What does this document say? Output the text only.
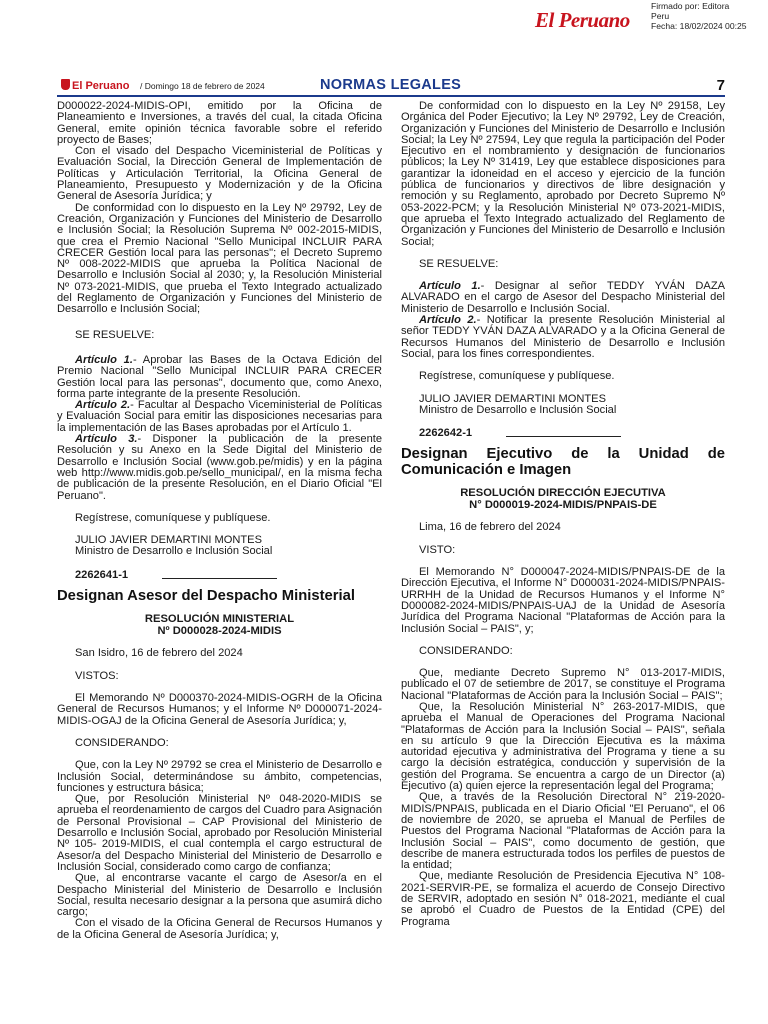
El Peruano
Firmado por: Editora
Peru
Fecha: 18/02/2024 00:25
El Peruano / Domingo 18 de febrero de 2024	NORMAS LEGALES	7

D000022-2024-MIDIS-OPI, emitido por la Oficina de Planeamiento e Inversiones, a través del cual, la citada Oficina General, emite opinión técnica favorable sobre el referido proyecto de Bases;

Con el visado del Despacho Viceministerial de Políticas y Evaluación Social, la Dirección General de Implementación de Políticas y Articulación Territorial, la Oficina General de Planeamiento, Presupuesto y Modernización y de la Oficina General de Asesoría Jurídica; y

De conformidad con lo dispuesto en la Ley Nº 29792, Ley de Creación, Organización y Funciones del Ministerio de Desarrollo e Inclusión Social; la Resolución Suprema Nº 002-2015-MIDIS, que crea el Premio Nacional "Sello Municipal INCLUIR PARA CRECER Gestión local para las personas"; el Decreto Supremo Nº 008-2022-MIDIS que aprueba la Política Nacional de Desarrollo e Inclusión Social al 2030; y, la Resolución Ministerial Nº 073-2021-MIDIS, que prueba el Texto Integrado actualizado del Reglamento de Organización y Funciones del Ministerio de Desarrollo e Inclusión Social;

SE RESUELVE:

Artículo 1.- Aprobar las Bases de la Octava Edición del Premio Nacional "Sello Municipal INCLUIR PARA CRECER Gestión local para las personas", documento que, como Anexo, forma parte integrante de la presente Resolución.

Artículo 2.- Facultar al Despacho Viceministerial de Políticas y Evaluación Social para emitir las disposiciones necesarias para la implementación de las Bases aprobadas por el Artículo 1.

Artículo 3.- Disponer la publicación de la presente Resolución y su Anexo en la Sede Digital del Ministerio de Desarrollo e Inclusión Social (www.gob.pe/midis) y en la página web http://www.midis.gob.pe/sello_municipal/, en la misma fecha de publicación de la presente Resolución, en el Diario Oficial "El Peruano".

Regístrese, comuníquese y publíquese.

JULIO JAVIER DEMARTINI MONTES

Ministro de Desarrollo e Inclusión Social

2262641-1

Designan Asesor del Despacho Ministerial
RESOLUCIÓN MINISTERIAL
Nº D000028-2024-MIDIS

San Isidro, 16 de febrero del 2024

VISTOS:

El Memorando Nº D000370-2024-MIDIS-OGRH de la Oficina General de Recursos Humanos; y el Informe Nº D000071-2024-MIDIS-OGAJ de la Oficina General de Asesoría Jurídica; y,

CONSIDERANDO:

Que, con la Ley Nº 29792 se crea el Ministerio de Desarrollo e Inclusión Social, determinándose su ámbito, competencias, funciones y estructura básica;

Que, por Resolución Ministerial Nº 048-2020-MIDIS se aprueba el reordenamiento de cargos del Cuadro para Asignación de Personal Provisional – CAP Provisional del Ministerio de Desarrollo e Inclusión Social, aprobado por Resolución Ministerial Nº 105- 2019-MIDIS, el cual contempla el cargo estructural de Asesor/a del Despacho Ministerial del Ministerio de Desarrollo e Inclusión Social, considerado como cargo de confianza;

Que, al encontrarse vacante el cargo de Asesor/a en el Despacho Ministerial del Ministerio de Desarrollo e Inclusión Social, resulta necesario designar a la persona que asumirá dicho cargo;

Con el visado de la Oficina General de Recursos Humanos y de la Oficina General de Asesoría Jurídica; y,

De conformidad con lo dispuesto en la Ley Nº 29158, Ley Orgánica del Poder Ejecutivo; la Ley Nº 29792, Ley de Creación, Organización y Funciones del Ministerio de Desarrollo e Inclusión Social; la Ley Nº 27594, Ley que regula la participación del Poder Ejecutivo en el nombramiento y designación de funcionarios públicos; la Ley Nº 31419, Ley que establece disposiciones para garantizar la idoneidad en el acceso y ejercicio de la función pública de funcionarios y directivos de libre designación y remoción y su Reglamento, aprobado por Decreto Supremo Nº 053-2022-PCM; y la Resolución Ministerial Nº 073-2021-MIDIS, que aprueba el Texto Integrado actualizado del Reglamento de Organización y Funciones del Ministerio de Desarrollo e Inclusión Social;

SE RESUELVE:

Artículo 1.- Designar al señor TEDDY YVÁN DAZA ALVARADO en el cargo de Asesor del Despacho Ministerial del Ministerio de Desarrollo e Inclusión Social.

Artículo 2.- Notificar la presente Resolución Ministerial al señor TEDDY YVÁN DAZA ALVARADO y a la Oficina General de Recursos Humanos del Ministerio de Desarrollo e Inclusión Social, para los fines correspondientes.

Regístrese, comuníquese y publíquese.

JULIO JAVIER DEMARTINI MONTES

Ministro de Desarrollo e Inclusión Social

2262642-1

Designan Ejecutivo de la Unidad de Comunicación e Imagen
RESOLUCIÓN DIRECCIÓN EJECUTIVA
N° D000019-2024-MIDIS/PNPAIS-DE

Lima, 16 de febrero del 2024

VISTO:

El Memorando N° D000047-2024-MIDIS/PNPAIS-DE de la Dirección Ejecutiva, el Informe N° D000031-2024-MIDIS/PNPAIS-URRHH de la Unidad de Recursos Humanos y el Informe N° D000082-2024-MIDIS/PNPAIS-UAJ de la Unidad de Asesoría Jurídica del Programa Nacional "Plataformas de Acción para la Inclusión Social – PAIS", y;

CONSIDERANDO:

Que, mediante Decreto Supremo N° 013-2017-MIDIS, publicado el 07 de setiembre de 2017, se constituye el Programa Nacional "Plataformas de Acción para la Inclusión Social – PAIS";

Que, la Resolución Ministerial N° 263-2017-MIDIS, que aprueba el Manual de Operaciones del Programa Nacional "Plataformas de Acción para la Inclusión Social – PAIS", señala en su artículo 9 que la Dirección Ejecutiva es la máxima autoridad ejecutiva y administrativa del Programa y tiene a su cargo la decisión estratégica, conducción y supervisión de la gestión del Programa. Se encuentra a cargo de un Director (a) Ejecutivo (a) quien ejerce la representación legal del Programa;

Que, a través de la Resolución Directoral N° 219-2020-MIDIS/PNPAIS, publicada en el Diario Oficial "El Peruano", el 06 de noviembre de 2020, se aprueba el Manual de Perfiles de Puestos del Programa Nacional "Plataformas de Acción para la Inclusión Social – PAIS", como documento de gestión, que describe de manera estructurada todos los perfiles de puestos de la entidad;

Que, mediante Resolución de Presidencia Ejecutiva N° 108-2021-SERVIR-PE, se formaliza el acuerdo de Consejo Directivo de SERVIR, adoptado en sesión N° 018-2021, mediante el cual se aprobó el Cuadro de Puestos de la Entidad (CPE) del Programa
